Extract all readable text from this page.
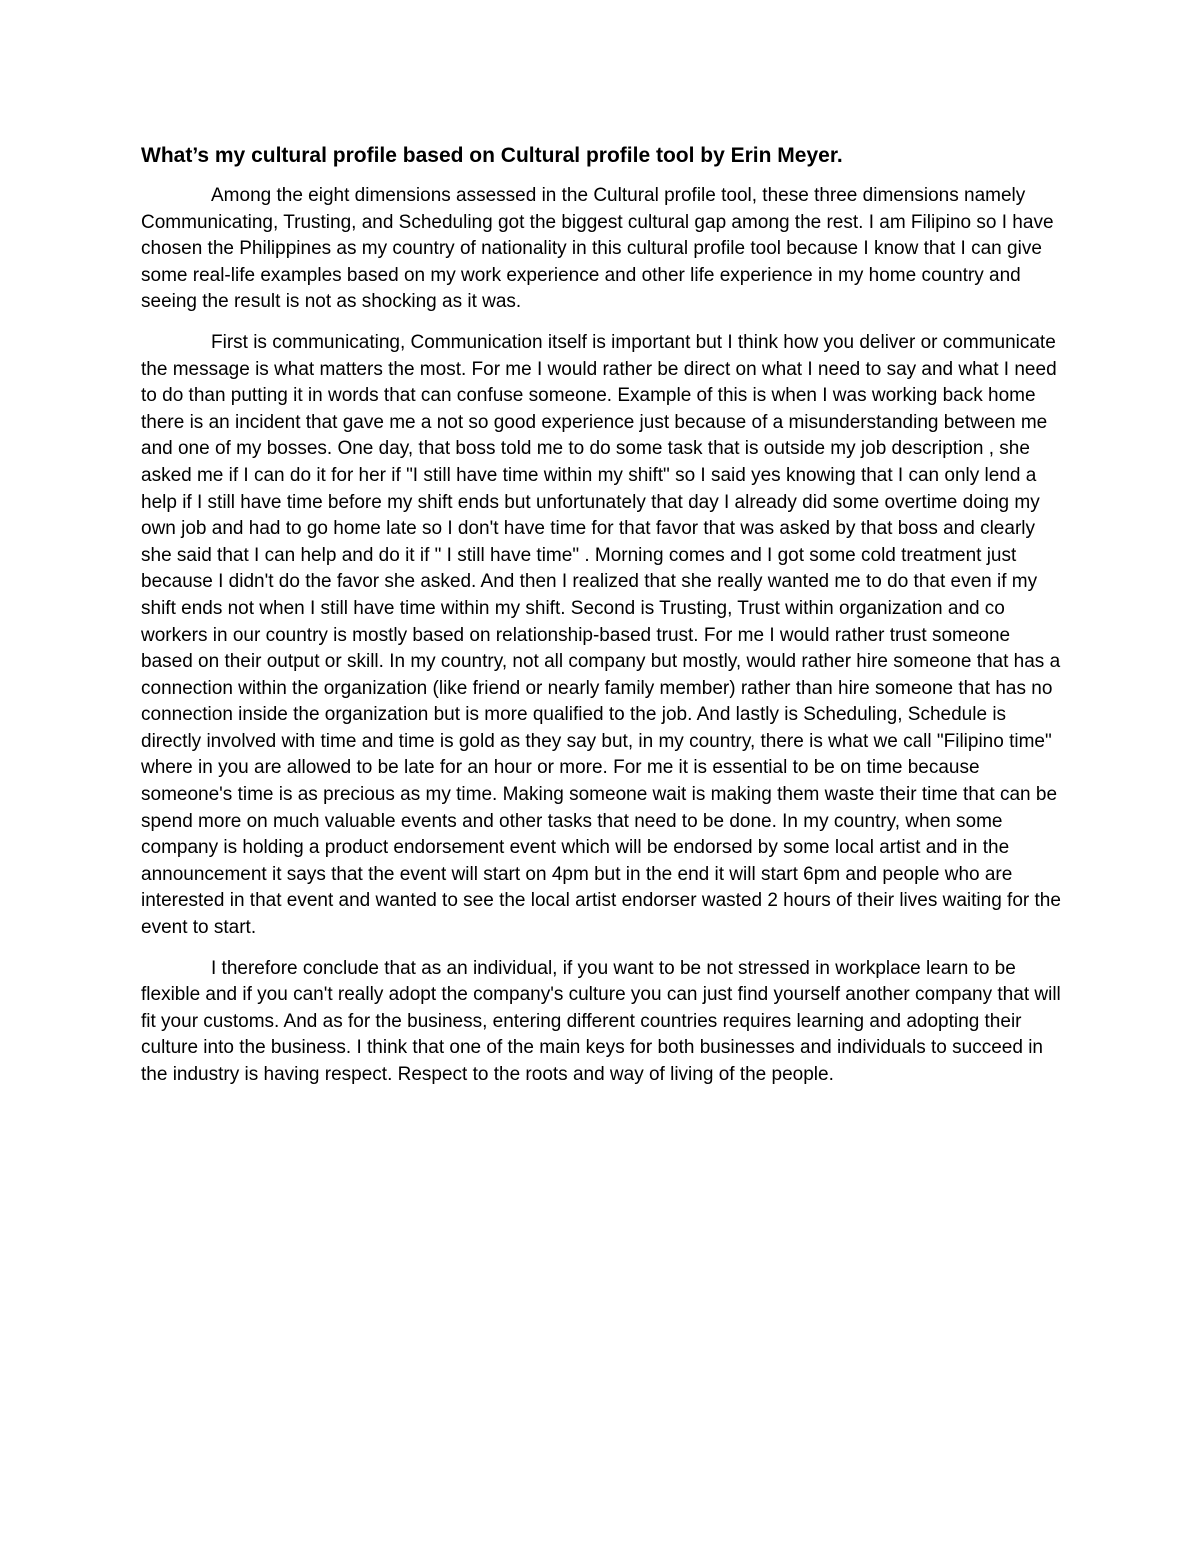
What’s my cultural profile based on Cultural profile tool by Erin Meyer.

Among the eight dimensions assessed in the Cultural profile tool, these three dimensions namely Communicating, Trusting, and Scheduling got the biggest cultural gap among the rest. I am Filipino so I have chosen the Philippines as my country of nationality in this cultural profile tool because I know that I can give some real-life examples based on my work experience and other life experience in my home country and seeing the result is not as shocking as it was.

First is communicating, Communication itself is important but I think how you deliver or communicate the message is what matters the most. For me I would rather be direct on what I need to say and what I need to do than putting it in words that can confuse someone. Example of this is when I was working back home there is an incident that gave me a not so good experience just because of a misunderstanding between me and one of my bosses. One day, that boss told me to do some task that is outside my job description , she asked me if I can do it for her if "I still have time within my shift" so I said yes knowing that I can only lend a help if I still have time before my shift ends but unfortunately that day I already did some overtime doing my own job and had to go home late so I don't have time for that favor that was asked by that boss and clearly she said that I can help and do it if " I still have time" . Morning comes and I got some cold treatment just because I didn't do the favor she asked. And then I realized that she really wanted me to do that even if my shift ends not when I still have time within my shift. Second is Trusting, Trust within organization and co workers in our country is mostly based on relationship-based trust. For me I would rather trust someone based on their output or skill. In my country, not all company but mostly, would rather hire someone that has a connection within the organization (like friend or nearly family member) rather than hire someone that has no connection inside the organization but is more qualified to the job. And lastly is Scheduling, Schedule is directly involved with time and time is gold as they say but, in my country, there is what we call "Filipino time" where in you are allowed to be late for an hour or more. For me it is essential to be on time because someone's time is as precious as my time. Making someone wait is making them waste their time that can be spend more on much valuable events and other tasks that need to be done. In my country, when some company is holding a product endorsement event which will be endorsed by some local artist and in the announcement it says that the event will start on 4pm but in the end it will start 6pm and people who are interested in that event and wanted to see the local artist endorser wasted 2 hours of their lives waiting for the event to start.

I therefore conclude that as an individual, if you want to be not stressed in workplace learn to be flexible and if you can't really adopt the company's culture you can just find yourself another company that will fit your customs. And as for the business, entering different countries requires learning and adopting their culture into the business. I think that one of the main keys for both businesses and individuals to succeed in the industry is having respect. Respect to the roots and way of living of the people.
